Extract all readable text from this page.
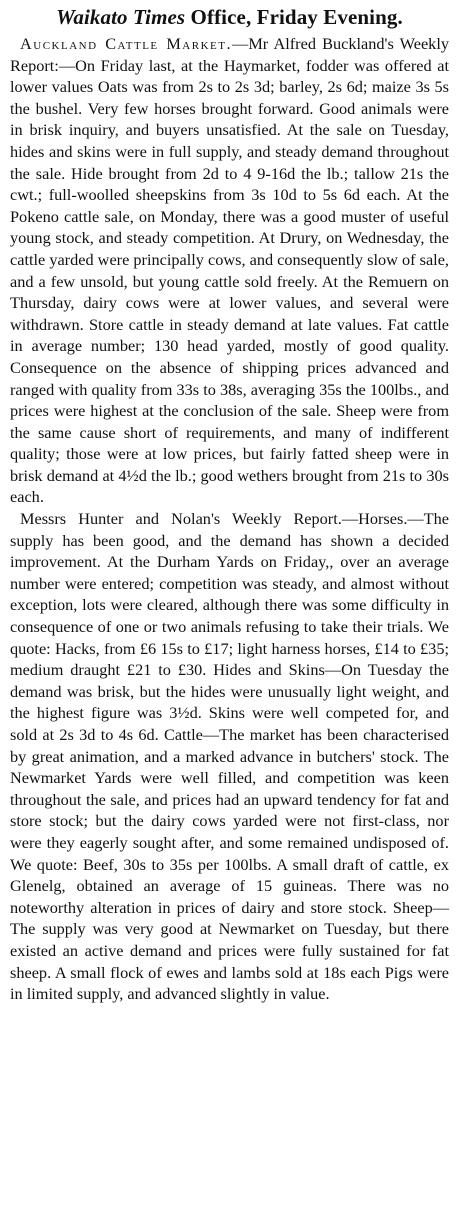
Waikato Times Office, Friday Evening.

Auckland Cattle Market.—Mr Alfred Buckland's Weekly Report:—On Friday last, at the Haymarket, fodder was offered at lower values Oats was from 2s to 2s 3d; barley, 2s 6d; maize 3s 5s the bushel. Very few horses brought forward. Good animals were in brisk inquiry, and buyers unsatisfied. At the sale on Tuesday, hides and skins were in full supply, and steady demand throughout the sale. Hide brought from 2d to 4 9-16d the lb.; tallow 21s the cwt.; full-woolled sheepskins from 3s 10d to 5s 6d each. At the Pokeno cattle sale, on Monday, there was a good muster of useful young stock, and steady competition. At Drury, on Wednesday, the cattle yarded were principally cows, and consequently slow of sale, and a few unsold, but young cattle sold freely. At the Remuern on Thursday, dairy cows were at lower values, and several were withdrawn. Store cattle in steady demand at late values. Fat cattle in average number; 130 head yarded, mostly of good quality. Consequence on the absence of shipping prices advanced and ranged with quality from 33s to 38s, averaging 35s the 100lbs., and prices were highest at the conclusion of the sale. Sheep were from the same cause short of requirements, and many of indifferent quality; those were at low prices, but fairly fatted sheep were in brisk demand at 4½d the lb.; good wethers brought from 21s to 30s each.

Messrs Hunter and Nolan's Weekly Report.—Horses.—The supply has been good, and the demand has shown a decided improvement. At the Durham Yards on Friday,, over an average number were entered; competition was steady, and almost without exception, lots were cleared, although there was some difficulty in consequence of one or two animals refusing to take their trials. We quote: Hacks, from £6 15s to £17; light harness horses, £14 to £35; medium draught £21 to £30. Hides and Skins—On Tuesday the demand was brisk, but the hides were unusually light weight, and the highest figure was 3½d. Skins were well competed for, and sold at 2s 3d to 4s 6d. Cattle—The market has been characterised by great animation, and a marked advance in butchers' stock. The Newmarket Yards were well filled, and competition was keen throughout the sale, and prices had an upward tendency for fat and store stock; but the dairy cows yarded were not first-class, nor were they eagerly sought after, and some remained undisposed of. We quote: Beef, 30s to 35s per 100lbs. A small draft of cattle, ex Glenelg, obtained an average of 15 guineas. There was no noteworthy alteration in prices of dairy and store stock. Sheep—The supply was very good at Newmarket on Tuesday, but there existed an active demand and prices were fully sustained for fat sheep. A small flock of ewes and lambs sold at 18s each Pigs were in limited supply, and advanced slightly in value.
